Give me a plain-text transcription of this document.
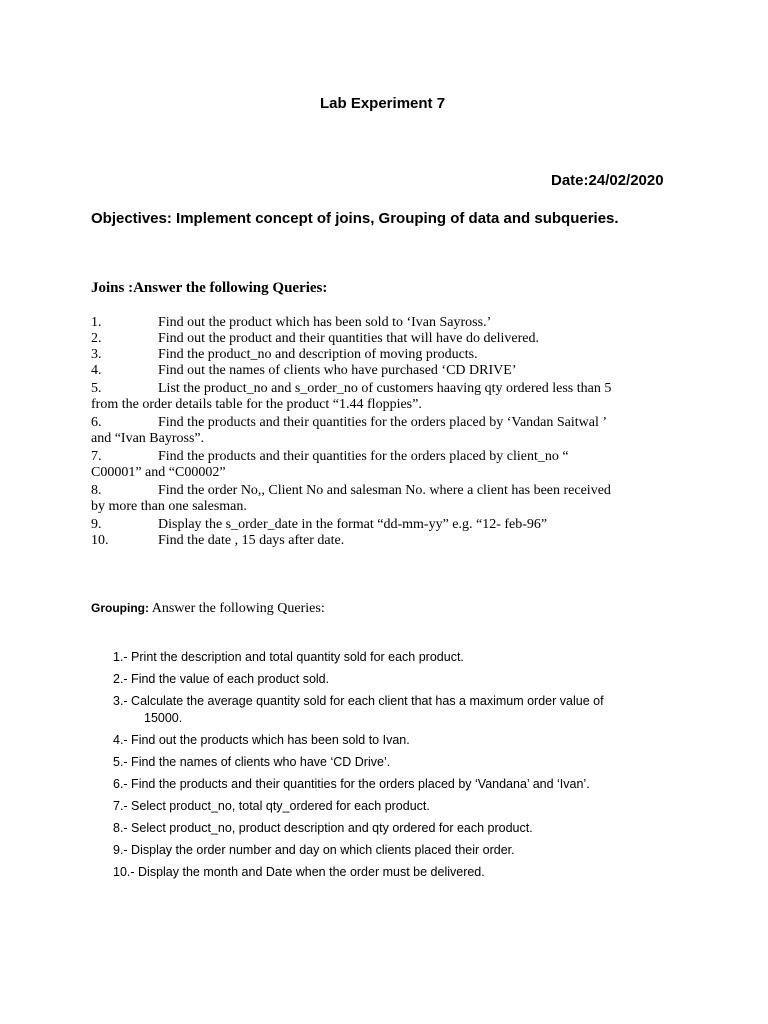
Lab Experiment 7
Date:24/02/2020
Objectives: Implement concept of joins, Grouping of data and subqueries.
Joins :Answer the following Queries:
1.	Find out the product which has been sold to ‘Ivan Sayross.’
2.	Find out the product and their quantities that will have do delivered.
3.	Find the product_no and description of moving products.
4.	Find out the names of clients who have purchased ‘CD DRIVE’
5.	List the product_no and s_order_no of customers haaving qty ordered less than 5
from the order details table for the product “1.44 floppies”.
6.	Find the products and their quantities for the orders placed by ‘Vandan Saitwal ’
and “Ivan Bayross”.
7.	Find the products and their quantities for the orders placed by client_no “
C00001” and “C00002”
8.	Find the order No,, Client No and salesman No. where a client has been received
by more than one salesman.
9.	Display the s_order_date in the format “dd-mm-yy” e.g. “12- feb-96”
10.	Find the date , 15 days after date.
Grouping: Answer the following Queries:
1.- Print the description and total quantity sold for each product.
2.- Find the value of each product sold.
3.- Calculate the average quantity sold for each client that has a maximum order value of
15000.
4.- Find out the products which has been sold to Ivan.
5.- Find the names of clients who have ‘CD Drive’.
6.- Find the products and their quantities for the orders placed by ‘Vandana’ and ‘Ivan’.
7.- Select product_no, total qty_ordered for each product.
8.- Select product_no, product description and qty ordered for each product.
9.- Display the order number and day on which clients placed their order.
10.- Display the month and Date when the order must be delivered.
